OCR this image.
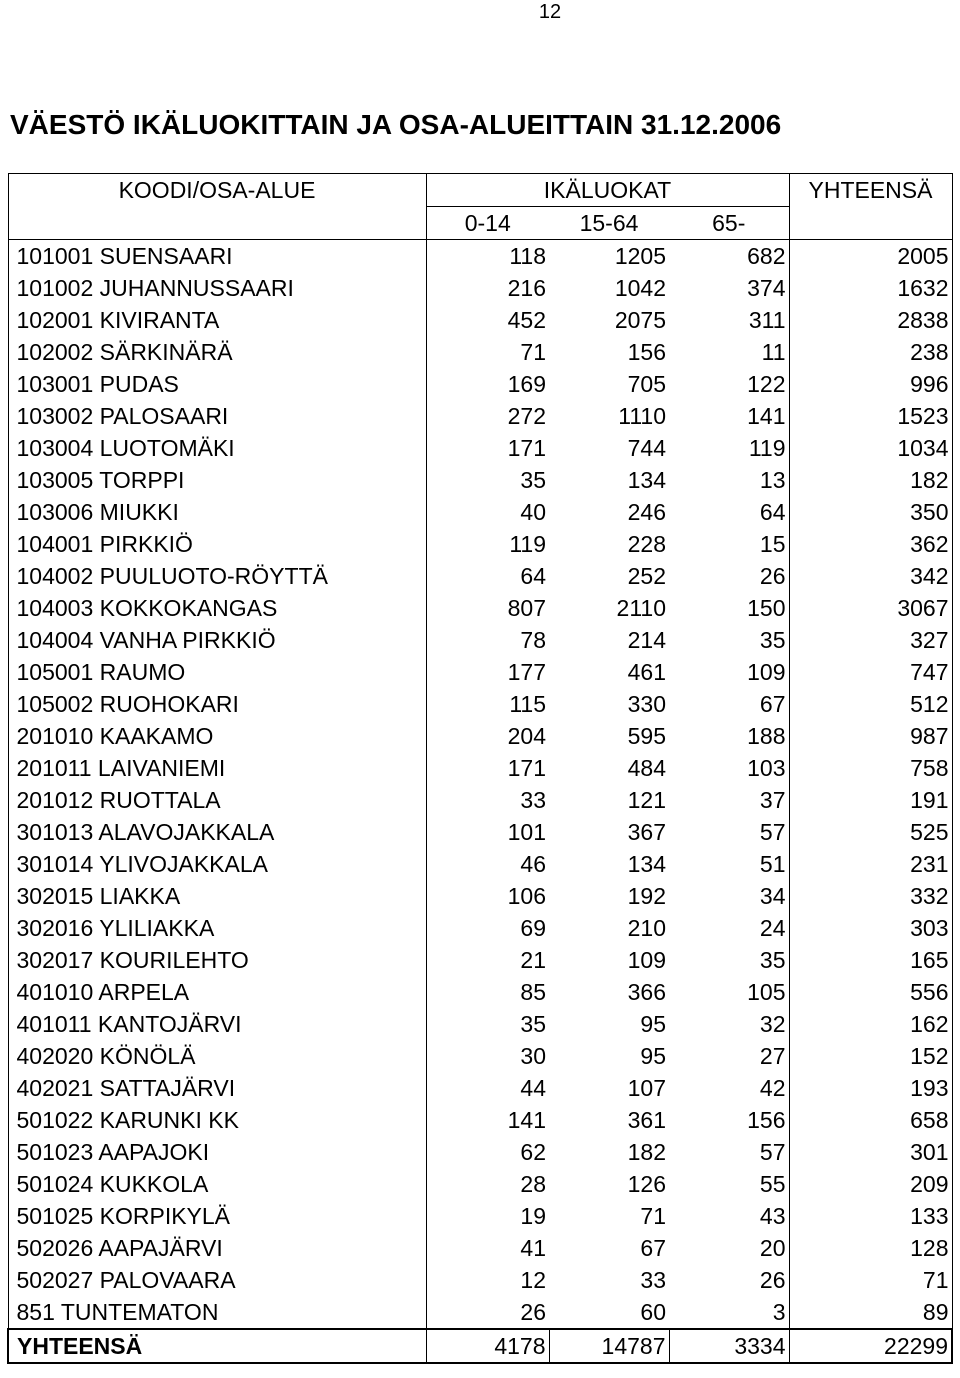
12
VÄESTÖ IKÄLUOKITTAIN JA OSA-ALUEITTAIN 31.12.2006
KOODI/OSA-ALUE	IKÄLUOKAT			YHTEENSÄ
	0-14	15-64	65-	
101001 SUENSAARI	118	1205	682	2005
101002 JUHANNUSSAARI	216	1042	374	1632
102001 KIVIRANTA	452	2075	311	2838
102002 SÄRKINÄRÄ	71	156	11	238
103001 PUDAS	169	705	122	996
103002 PALOSAARI	272	1110	141	1523
103004 LUOTOMÄKI	171	744	119	1034
103005 TORPPI	35	134	13	182
103006 MIUKKI	40	246	64	350
104001 PIRKKIÖ	119	228	15	362
104002 PUULUOTO-RÖYTTÄ	64	252	26	342
104003 KOKKOKANGAS	807	2110	150	3067
104004 VANHA PIRKKIÖ	78	214	35	327
105001 RAUMO	177	461	109	747
105002 RUOHOKARI	115	330	67	512
201010 KAAKAMO	204	595	188	987
201011 LAIVANIEMI	171	484	103	758
201012 RUOTTALA	33	121	37	191
301013 ALAVOJAKKALA	101	367	57	525
301014 YLIVOJAKKALA	46	134	51	231
302015 LIAKKA	106	192	34	332
302016 YLILIAKKA	69	210	24	303
302017 KOURILEHTO	21	109	35	165
401010 ARPELA	85	366	105	556
401011 KANTOJÄRVI	35	95	32	162
402020 KÖNÖLÄ	30	95	27	152
402021 SATTAJÄRVI	44	107	42	193
501022 KARUNKI KK	141	361	156	658
501023 AAPAJOKI	62	182	57	301
501024 KUKKOLA	28	126	55	209
501025 KORPIKYLÄ	19	71	43	133
502026 AAPAJÄRVI	41	67	20	128
502027 PALOVAARA	12	33	26	71
851 TUNTEMATON	26	60	3	89
YHTEENSÄ	4178	14787	3334	22299
